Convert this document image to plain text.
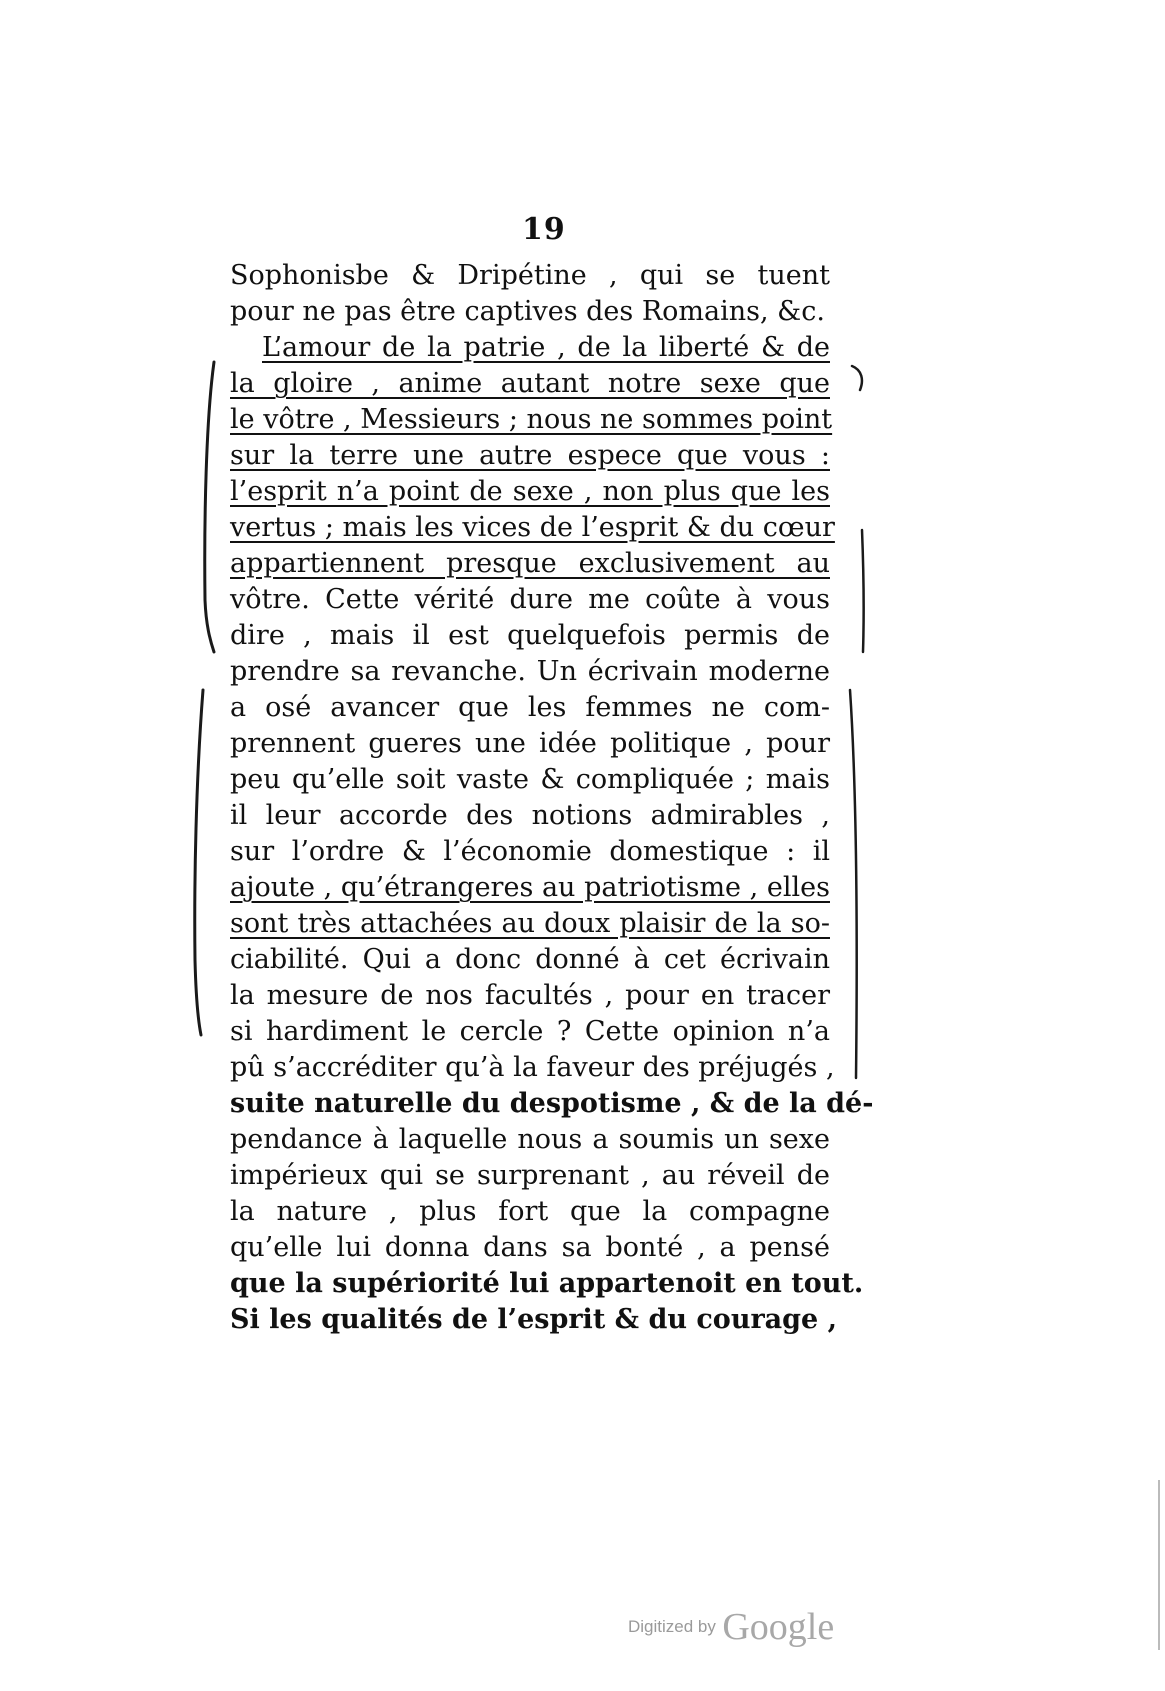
19
Sophonisbe & Dripétine , qui se tuent
pour ne pas être captives des Romains, &c.
L’amour de la patrie , de la liberté & de
la gloire , anime autant notre sexe que
le vôtre , Messieurs ; nous ne sommes point
sur la terre une autre espece que vous :
l’esprit n’a point de sexe , non plus que les
vertus ; mais les vices de l’esprit & du cœur
appartiennent presque exclusivement au
vôtre. Cette vérité dure me coûte à vous
dire , mais il est quelquefois permis de
prendre sa revanche. Un écrivain moderne
a osé avancer que les femmes ne com-
prennent gueres une idée politique , pour
peu qu’elle soit vaste & compliquée ; mais
il leur accorde des notions admirables ,
sur l’ordre & l’économie domestique : il
ajoute , qu’étrangeres au patriotisme , elles
sont très attachées au doux plaisir de la so-
ciabilité. Qui a donc donné à cet écrivain
la mesure de nos facultés , pour en tracer
si hardiment le cercle ? Cette opinion n’a
pû s’accréditer qu’à la faveur des préjugés ,
suite naturelle du despotisme , & de la dé-
pendance à laquelle nous a soumis un sexe
impérieux qui se surprenant , au réveil de
la nature , plus fort que la compagne
qu’elle lui donna dans sa bonté , a pensé
que la supériorité lui appartenoit en tout.
Si les qualités de l’esprit & du courage ,
Digitized by Google
